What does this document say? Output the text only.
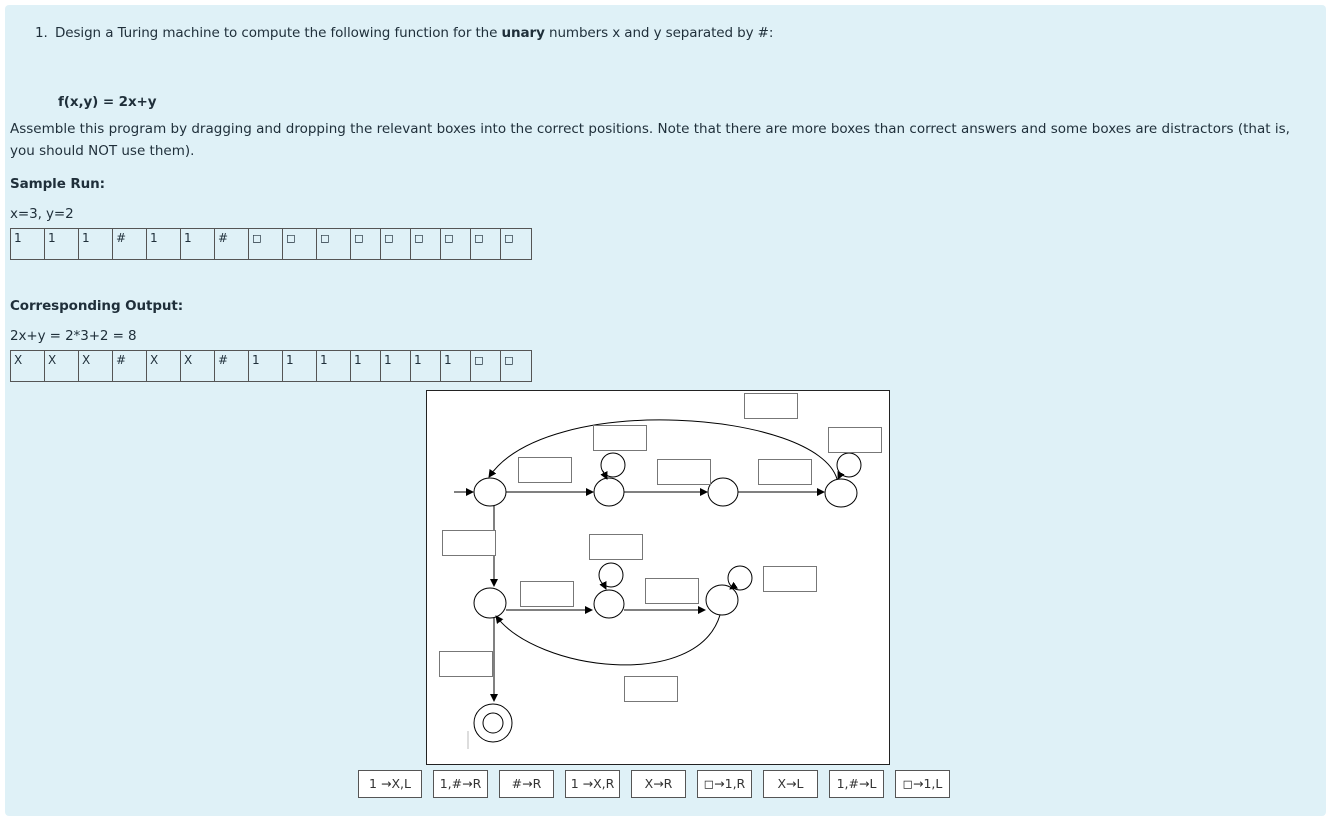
1. Design a Turing machine to compute the following function for the unary numbers x and y separated by #:
f(x,y) = 2x+y
Assemble this program by dragging and dropping the relevant boxes into the correct positions. Note that there are more boxes than correct answers and some boxes are distractors (that is, you should NOT use them).
Sample Run:
x=3, y=2
1	1	1	#	1	1	#	◻	◻	◻	◻	◻	◻	◻	◻	◻
Corresponding Output:
2x+y = 2*3+2 = 8
X	X	X	#	X	X	#	1	1	1	1	1	1	1	◻	◻
1 →X,L	1,#→R	#→R	1 →X,R	X→R	◻→1,R	X→L	1,#→L	◻→1,L
